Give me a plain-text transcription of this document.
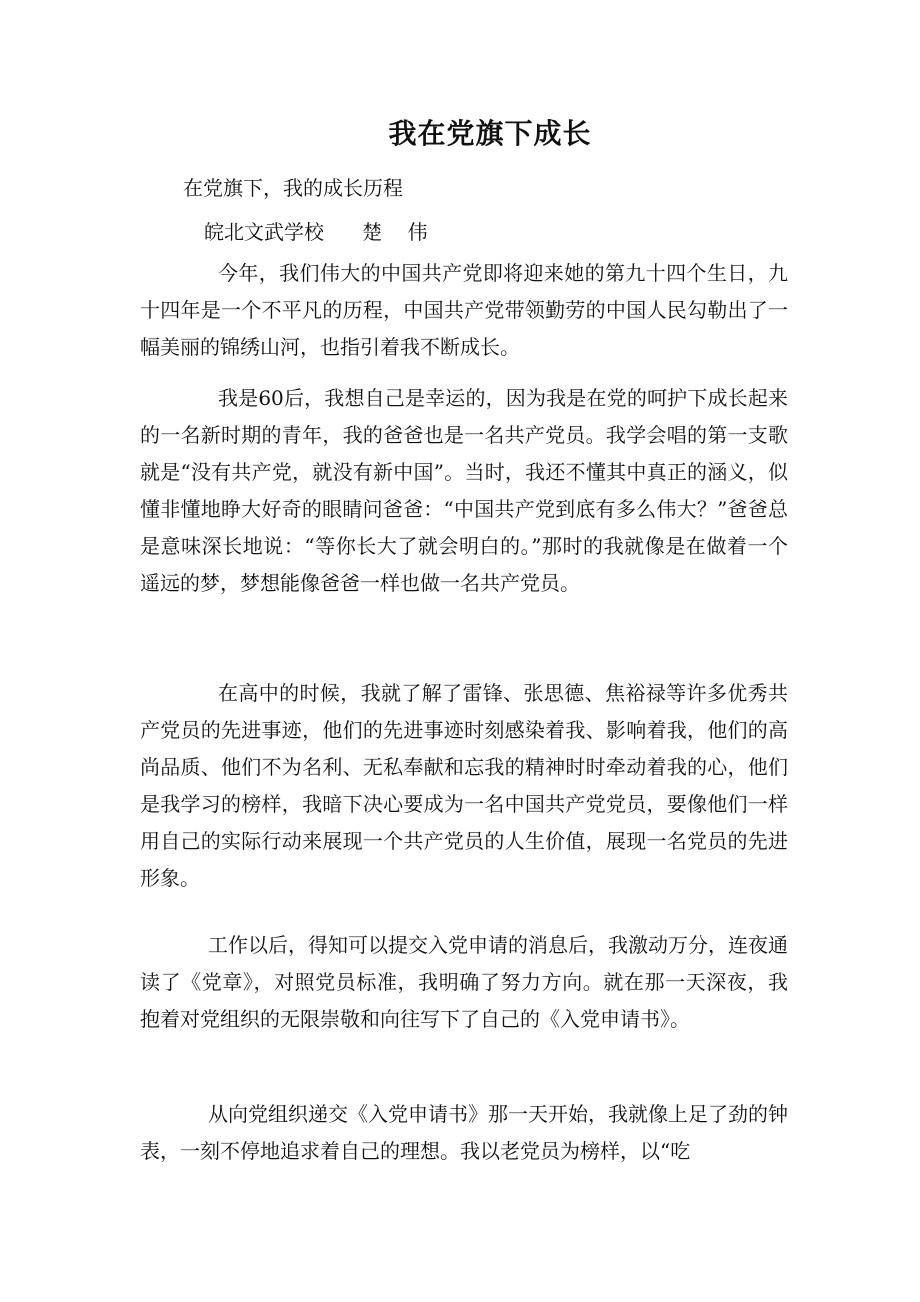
我在党旗下成长

在党旗下，我的成长历程

皖北文武学校      楚    伟

今年，我们伟大的中国共产党即将迎来她的第九十四个生日，九十四年是一个不平凡的历程，中国共产党带领勤劳的中国人民勾勒出了一幅美丽的锦绣山河，也指引着我不断成长。

我是60后，我想自己是幸运的，因为我是在党的呵护下成长起来的一名新时期的青年，我的爸爸也是一名共产党员。我学会唱的第一支歌就是“没有共产党，就没有新中国”。当时，我还不懂其中真正的涵义，似懂非懂地睁大好奇的眼睛问爸爸：“中国共产党到底有多么伟大？”爸爸总是意味深长地说：“等你长大了就会明白的。”那时的我就像是在做着一个遥远的梦，梦想能像爸爸一样也做一名共产党员。

在高中的时候，我就了解了雷锋、张思德、焦裕禄等许多优秀共产党员的先进事迹，他们的先进事迹时刻感染着我、影响着我，他们的高尚品质、他们不为名利、无私奉献和忘我的精神时时牵动着我的心，他们是我学习的榜样，我暗下决心要成为一名中国共产党党员，要像他们一样用自己的实际行动来展现一个共产党员的人生价值，展现一名党员的先进形象。

工作以后，得知可以提交入党申请的消息后，我激动万分，连夜通读了《党章》，对照党员标准，我明确了努力方向。就在那一天深夜，我抱着对党组织的无限崇敬和向往写下了自己的《入党申请书》。

从向党组织递交《入党申请书》那一天开始，我就像上足了劲的钟表，一刻不停地追求着自己的理想。我以老党员为榜样，以“吃
